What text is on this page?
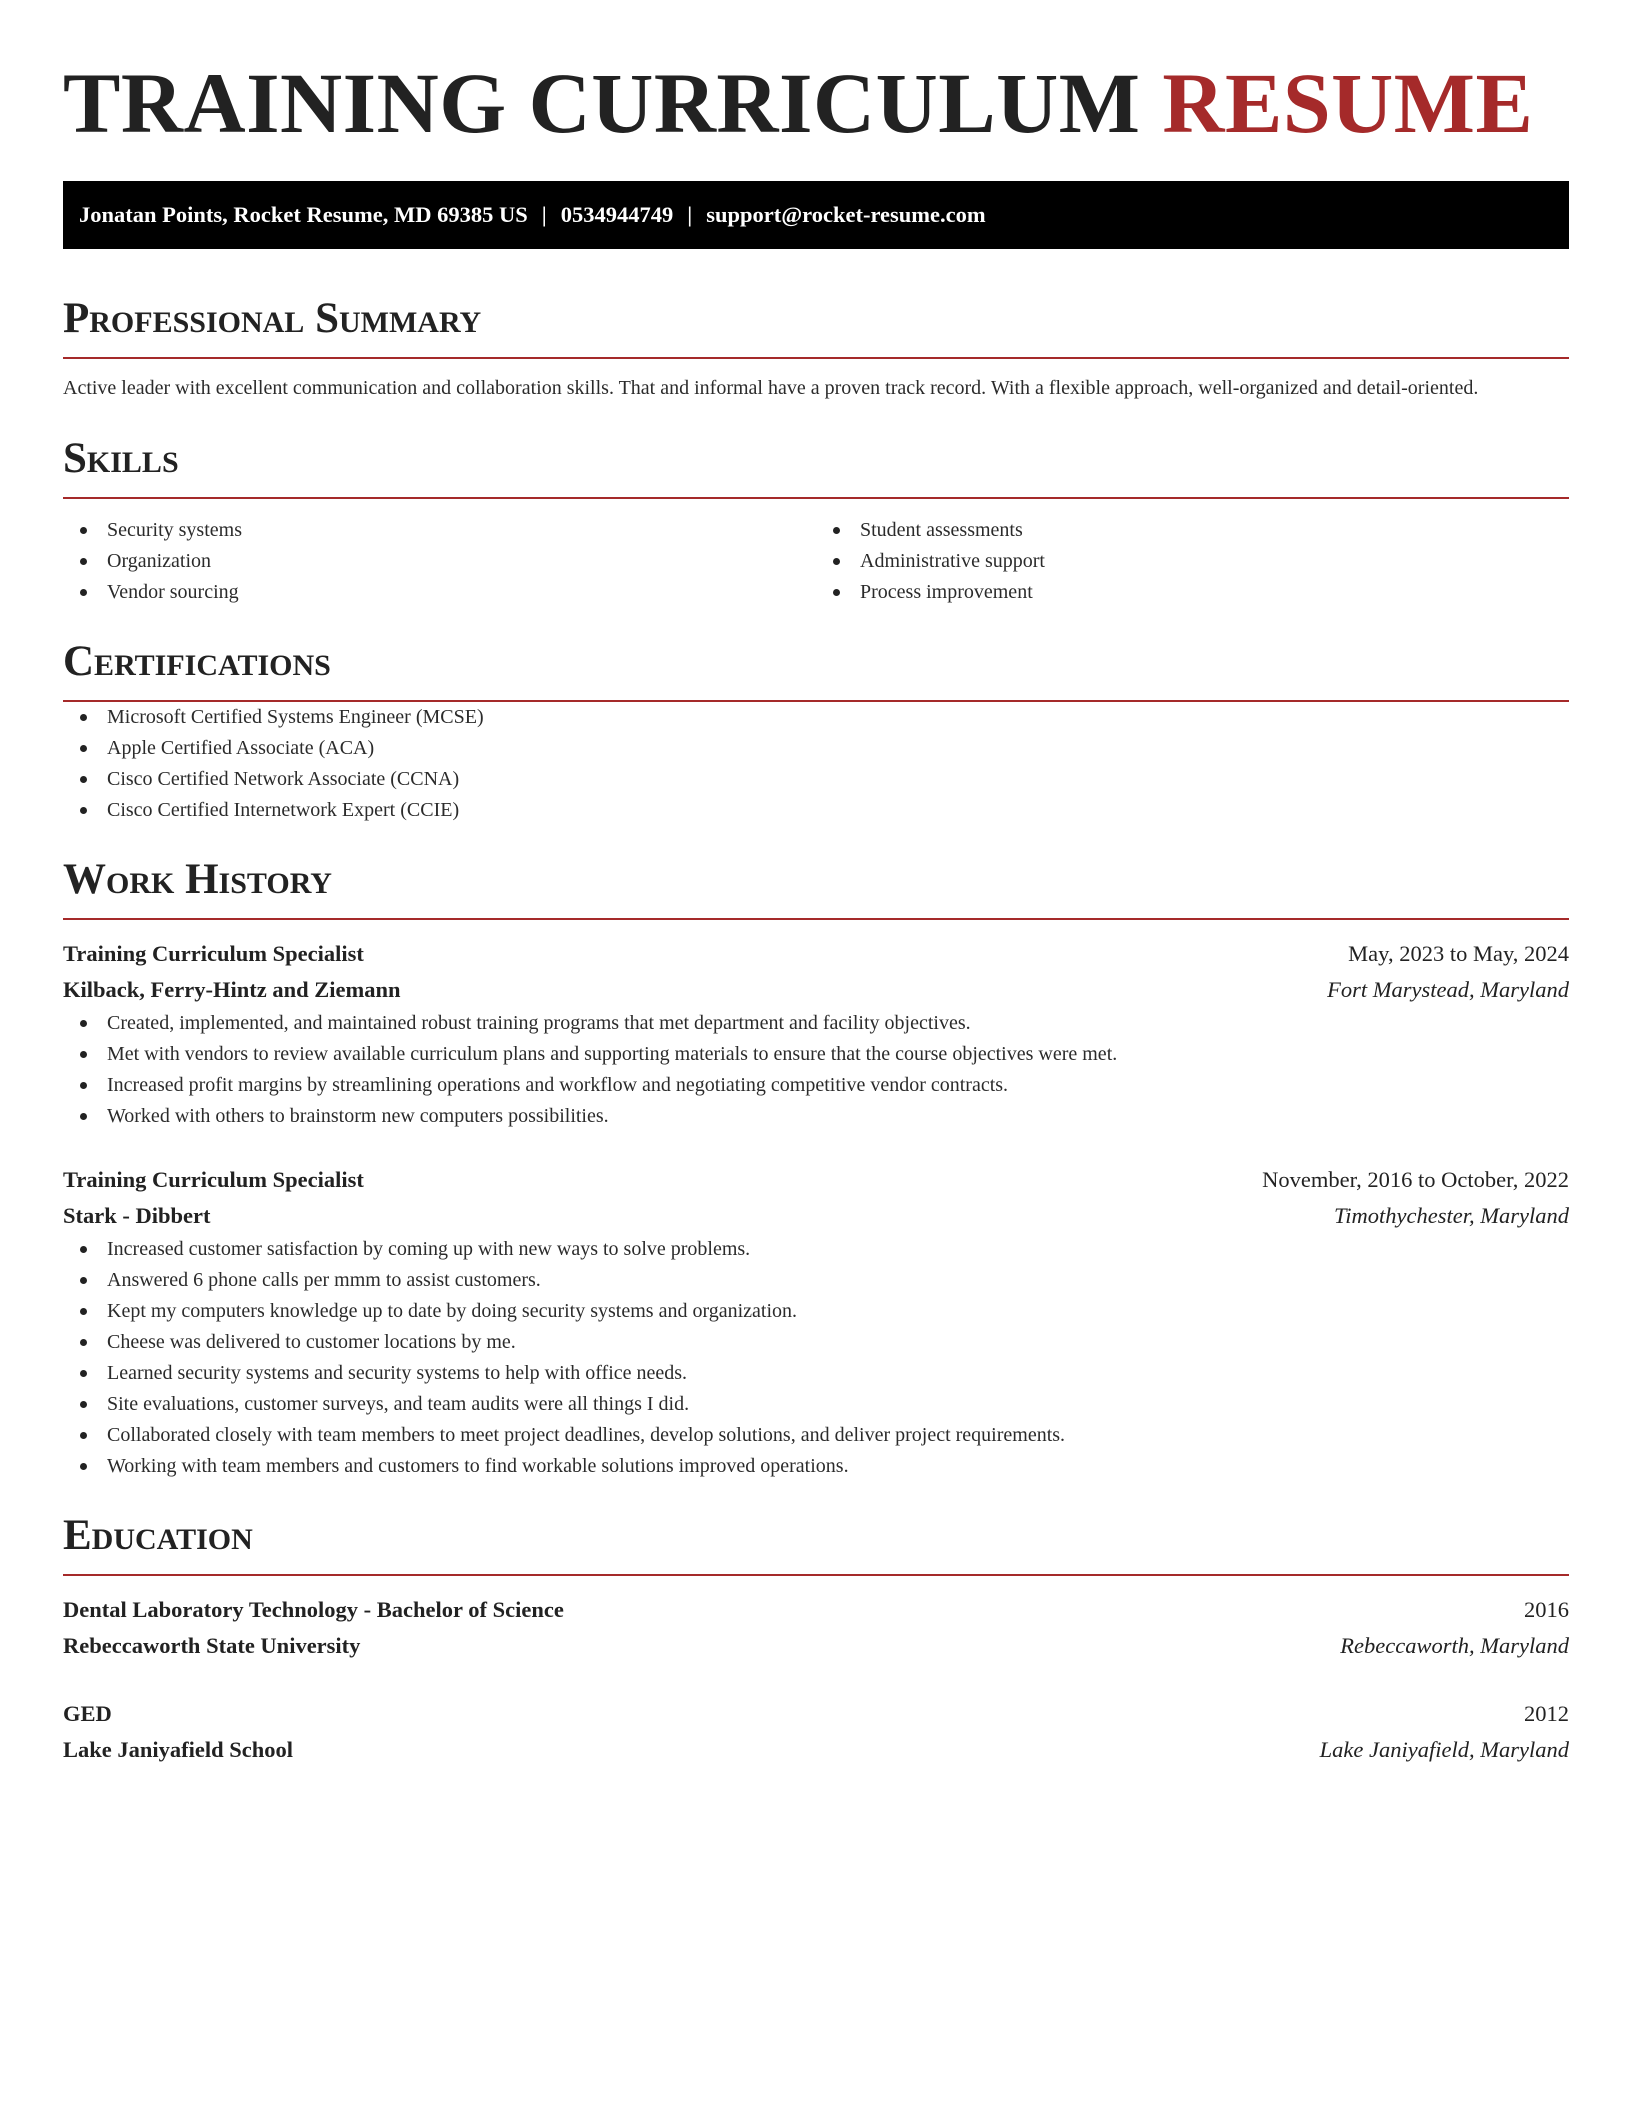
TRAINING CURRICULUM RESUME
Jonatan Points, Rocket Resume, MD 69385 US | 0534944749 | support@rocket-resume.com
Professional Summary

Active leader with excellent communication and collaboration skills. That and informal have a proven track record. With a flexible approach, well-organized and detail-oriented.

Skills
Security systems
Organization
Vendor sourcing
Student assessments
Administrative support
Process improvement
Certifications
Microsoft Certified Systems Engineer (MCSE)
Apple Certified Associate (ACA)
Cisco Certified Network Associate (CCNA)
Cisco Certified Internetwork Expert (CCIE)
Work History
Training Curriculum Specialist	May, 2023 to May, 2024
Kilback, Ferry-Hintz and Ziemann	Fort Marystead, Maryland
Created, implemented, and maintained robust training programs that met department and facility objectives.
Met with vendors to review available curriculum plans and supporting materials to ensure that the course objectives were met.
Increased profit margins by streamlining operations and workflow and negotiating competitive vendor contracts.
Worked with others to brainstorm new computers possibilities.
Training Curriculum Specialist	November, 2016 to October, 2022
Stark - Dibbert	Timothychester, Maryland
Increased customer satisfaction by coming up with new ways to solve problems.
Answered 6 phone calls per mmm to assist customers.
Kept my computers knowledge up to date by doing security systems and organization.
Cheese was delivered to customer locations by me.
Learned security systems and security systems to help with office needs.
Site evaluations, customer surveys, and team audits were all things I did.
Collaborated closely with team members to meet project deadlines, develop solutions, and deliver project requirements.
Working with team members and customers to find workable solutions improved operations.
Education
Dental Laboratory Technology - Bachelor of Science	2016
Rebeccaworth State University	Rebeccaworth, Maryland
GED	2012
Lake Janiyafield School	Lake Janiyafield, Maryland
